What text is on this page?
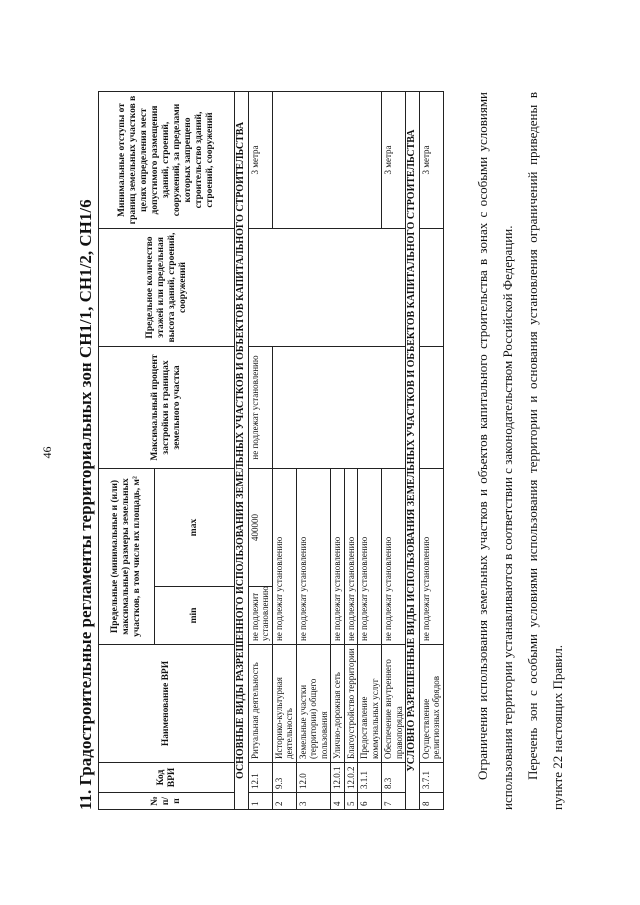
46 11. Градостроительные регламенты территориальных зон СН1/1, СН1/2, СН1/6	№ п/п	Код ВРИ	Наименование ВРИ	Предельные (минимальные и (или) максимальные) размеры земельных участков, в том числе их площадь, м²		Максимальный процент застройки в границах земельного участка	Предельное количество этажей или предельная высота зданий, строений, сооружений	Минимальные отступы от границ земельных участков в целях определения мест допустимого размещения зданий, строений, сооружений, за пределами которых запрещено строительство зданий, строений, сооружений
			min	max			
ОСНОВНЫЕ ВИДЫ РАЗРЕШЕННОГО ИСПОЛЬЗОВАНИЯ ЗЕМЕЛЬНЫХ УЧАСТКОВ И ОБЪЕКТОВ КАПИТАЛЬНОГО СТРОИТЕЛЬСТВА							
1	12.1	Ритуальная деятельность	не подлежит установлению	400000	не подлежат установлению		3 метра
2	9.3	Историко-культурная деятельность	не подлежат установлению				
3	12.0	Земельные участки (территории) общего пользования	не подлежат установлению				
4	12.0.1	Улично-дорожная сеть	не подлежат установлению				
5	12.0.2	Благоустройство территории	не подлежат установлению				
6	3.1.1	Предоставление коммунальных услуг	не подлежат установлению				
7	8.3	Обеспечение внутреннего правопорядка	не подлежат установлению				3 метра
УСЛОВНО РАЗРЕШЕННЫЕ ВИДЫ ИСПОЛЬЗОВАНИЯ ЗЕМЕЛЬНЫХ УЧАСТКОВ И ОБЪЕКТОВ КАПИТАЛЬНОГО СТРОИТЕЛЬСТВА							
8	3.7.1	Осуществление религиозных обрядов	не подлежат установлению				3 метра	Ограничения использования земельных участков и объектов капитального строительства в зонах с особыми условиями использования территории устанавливаются в соответствии с законодательством Российской Федерации. Перечень зон с особыми условиями использования территории и основания установления ограничений приведены в пункте 22 настоящих Правил.
